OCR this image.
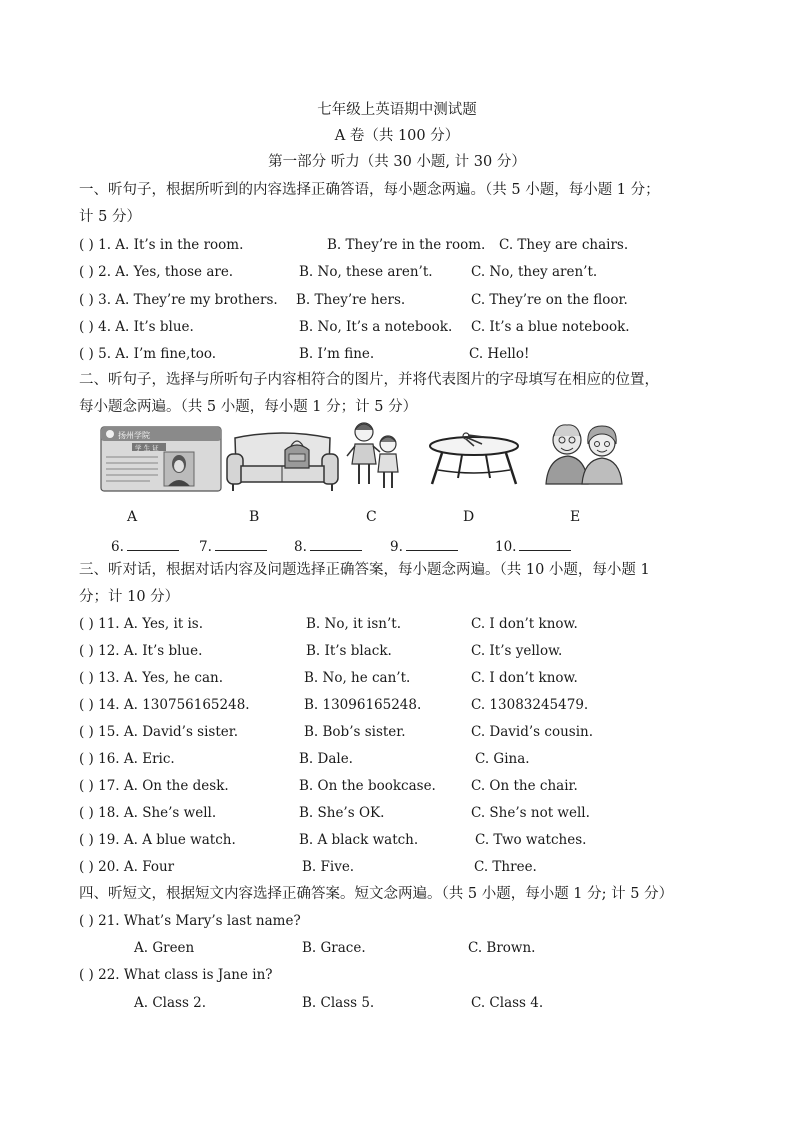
七年级上英语期中测试题
A 卷（共 100 分）
第一部分 听力（共 30 小题, 计 30 分）
一、听句子，根据所听到的内容选择正确答语，每小题念两遍。（共 5 小题，每小题 1 分；
计 5 分）
( ) 1. A. It’s in the room.	B. They’re in the room. C. They are chairs.
( ) 2. A. Yes, those are.	B. No, these aren’t.	C. No, they aren’t.
( ) 3. A. They’re my brothers. B. They’re hers.	C. They’re on the floor.
( ) 4. A. It’s blue.	B. No, It’s a notebook. C. It’s a blue notebook.
( ) 5. A. I’m fine,too.	B. I’m fine.	C. Hello!
二、听句子，选择与所听句子内容相符合的图片，并将代表图片的字母填写在相应的位置，
每小题念两遍。（共 5 小题，每小题 1 分；计 5 分）
扬州学院
学 生 证
A	B	C	D	E
6.	7.	8.	9.	10.
三、听对话，根据对话内容及问题选择正确答案，每小题念两遍。（共 10 小题，每小题 1
分；计 10 分）
( ) 11. A. Yes, it is.	B. No, it isn’t.	C. I don’t know.
( ) 12. A. It’s blue.	B. It’s black.	C. It’s yellow.
( ) 13. A. Yes, he can.	B. No, he can’t.	C. I don’t know.
( ) 14. A. 130756165248.	B. 13096165248.	C. 13083245479.
( ) 15. A. David’s sister.	B. Bob’s sister.	C. David’s cousin.
( ) 16. A. Eric.	B. Dale.	C. Gina.
( ) 17. A. On the desk.	B. On the bookcase.	C. On the chair.
( ) 18. A. She’s well.	B. She’s OK.	C. She’s not well.
( ) 19. A. A blue watch.	B. A black watch.	C. Two watches.
( ) 20. A. Four	B. Five.	C. Three.
四、听短文，根据短文内容选择正确答案。短文念两遍。（共 5 小题，每小题 1 分; 计 5 分）
( ) 21. What’s Mary’s last name?
A. Green	B. Grace.	C. Brown.
( ) 22. What class is Jane in?
A. Class 2.	B. Class 5.	C. Class 4.
